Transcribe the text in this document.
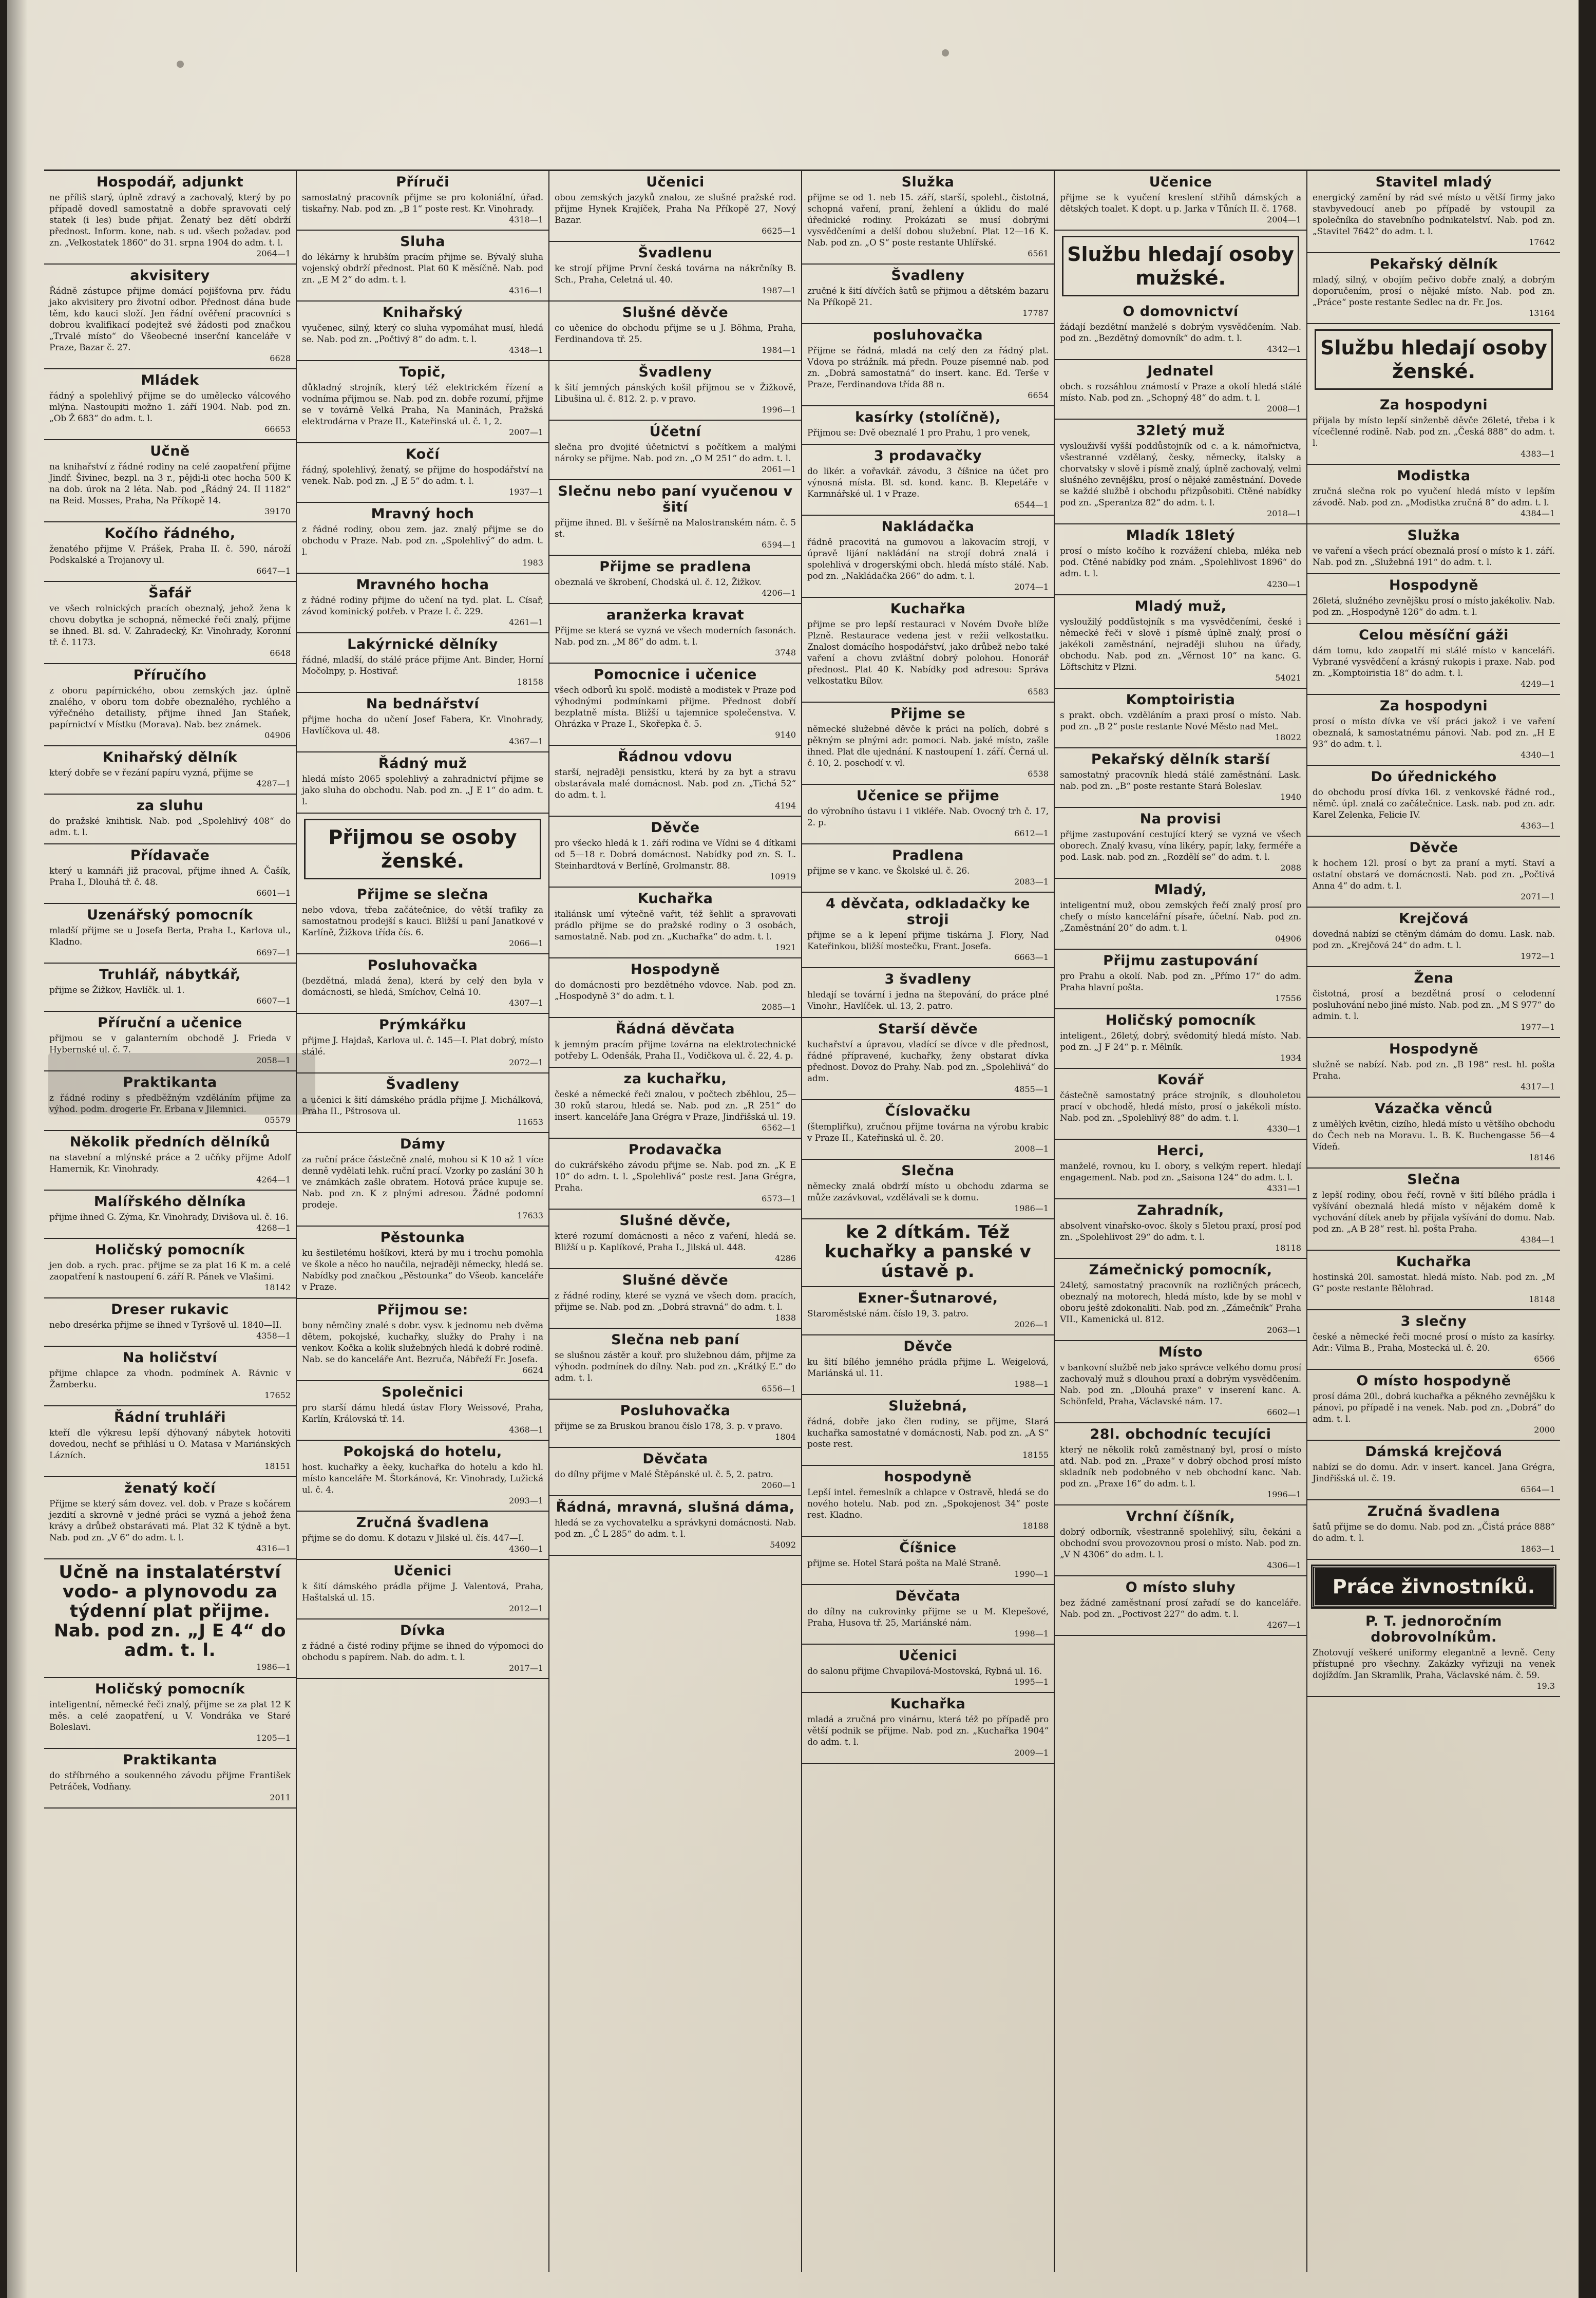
Hospodář, adjunkt

ne příliš starý, úplně zdravý a zachovalý, který by po případě dovedl samostatně a dobře spravovati celý statek (i les) bude přijat. Ženatý bez dětí obdrží přednost. Inform. kone, nab. s ud. všech požadav. pod zn. „Velkostatek 1860“ do 31. srpna 1904 do adm. t. l.

2064—1
akvisitery

Řádně zástupce přijme domácí pojišťovna prv. řádu jako akvisitery pro životní odbor. Přednost dána bude těm, kdo kauci složí. Jen řádní ověření pracovníci s dobrou kvalifikací podejtež své žádosti pod značkou „Trvalé místo“ do Všeobecné inserční kanceláře v Praze, Bazar č. 27.

6628
Mládek

řádný a spolehlivý přijme se do umělecko válcového mlýna. Nastoupiti možno 1. září 1904. Nab. pod zn. „Ob Ž 683“ do adm. t. l.

66653
Učně

na knihařství z řádné rodiny na celé zaopatření přijme Jindř. Šivinec, bezpl. na 3 r., pějdi-li otec hocha 500 K na dob. úrok na 2 léta. Nab. pod „Řádný 24. II 1182“ na Reid. Mosses, Praha, Na Příkopě 14.

39170
Kočího řádného,

ženatého přijme V. Prášek, Praha II. č. 590, nároží Podskalské a Trojanovy ul.

6647—1
Šafář

ve všech rolnických pracích obeznalý, jehož žena k chovu dobytka je schopná, německé řeči znalý, přijme se ihned. Bl. sd. V. Zahradecký, Kr. Vinohrady, Koronní tř. č. 1173.

6648
Příručího

z oboru papírnického, obou zemských jaz. úplně znalého, v oboru tom dobře obeznalého, rychlého a výřečného detailisty, přijme ihned Jan Staňek, papírnictví v Místku (Morava). Nab. bez známek.

04906
Knihařský dělník

který dobře se v řezání papíru vyzná, přijme se

4287—1
za sluhu

do pražské knihtisk. Nab. pod „Spolehlivý 408“ do adm. t. l.

Přídavače

který u kamnáři již pracoval, přijme ihned A. Čašík, Praha I., Dlouhá tř. č. 48.

6601—1
Uzenářský pomocník

mladší přijme se u Josefa Berta, Praha I., Karlova ul., Kladno.

6697—1
Truhlář, nábytkář,

přijme se Žižkov, Havlíčk. ul. 1.

6607—1
Příruční a učenice

přijmou se v galanterním obchodě J. Frieda v Hybernské ul. č. 7.

2058—1
Praktikanta

z řádné rodiny s předběžným vzděláním přijme za výhod. podm. drogerie Fr. Erbana v Jilemnici.

05579
Několik předních dělníků

na stavební a mlýnské práce a 2 učňky přijme Adolf Hamernik, Kr. Vinohrady.

4264—1
Malířského dělníka

přijme ihned G. Zýma, Kr. Vinohrady, Divišova ul. č. 16.

4268—1
Holičský pomocník

jen dob. a rych. prac. přijme se za plat 16 K m. a celé zaopatření k nastoupení 6. září R. Pánek ve Vlašimi.

18142
Dreser rukavic

nebo dresérka přijme se ihned v Tyršově ul. 1840—II.

4358—1
Na holičství

přijme chlapce za vhodn. podmínek A. Rávnic v Žamberku.

17652
Řádní truhláři

kteří dle výkresu lepší dýhovaný nábytek hotoviti dovedou, nechť se přihlásí u O. Matasa v Mariánských Lázních.

18151
ženatý kočí

Přijme se který sám dovez. vel. dob. v Praze s kočárem jezdití a skrovně v jedné práci se vyzná a jehož žena krávy a drůbež obstarávati má. Plat 32 K týdně a byt. Nab. pod zn. „V 6“ do adm. t. l.

4316—1
Učně na instalatérství vodo- a plynovodu za týdenní plat přijme. Nab. pod zn. „J E 4“ do adm. t. l.
1986—1
Holičský pomocník

inteligentní, německé řeči znalý, přijme se za plat 12 K měs. a celé zaopatření, u V. Vondráka ve Staré Boleslavi.

1205—1
Praktikanta

do stříbrného a soukenného závodu přijme František Petráček, Vodňany.

2011
Příruči

samostatný pracovník přijme se pro koloniální, úřad. tiskařny. Nab. pod zn. „B 1“ poste rest. Kr. Vinohrady.

4318—1
Sluha

do lékárny k hrubším pracím přijme se. Bývalý sluha vojenský obdrží přednost. Plat 60 K měsíčně. Nab. pod zn. „E M 2“ do adm. t. l.

4316—1
Knihařský

vyučenec, silný, který co sluha vypomáhat musí, hledá se. Nab. pod zn. „Počtivý 8“ do adm. t. l.

4348—1
Topič,

důkladný strojník, který též elektrickém řízení a vodníma přijmou se. Nab. pod zn. dobře rozumí, přijme se v továrně Velká Praha, Na Maninách, Pražská elektrodárna v Praze II., Kateřinská ul. č. 1, 2.

2007—1
Kočí

řádný, spolehlivý, ženatý, se přijme do hospodářství na venek. Nab. pod zn. „J E 5“ do adm. t. l.

1937—1
Mravný hoch

z řádné rodiny, obou zem. jaz. znalý přijme se do obchodu v Praze. Nab. pod zn. „Spolehlivý“ do adm. t. l.

1983
Mravného hocha

z řádné rodiny přijme do učení na tyd. plat. L. Císař, závod kominický potřeb. v Praze I. č. 229.

4261—1
Lakýrnické dělníky

řádné, mladší, do stálé práce přijme Ant. Binder, Horní Močolnpy, p. Hostivař.

18158
Na bednářství

přijme hocha do učení Josef Fabera, Kr. Vinohrady, Havlíčkova ul. 48.

4367—1
Řádný muž

hledá místo 2065 spolehlivý a zahradnictví přijme se jako sluha do obchodu. Nab. pod zn. „J E 1“ do adm. t. l.

Přijmou se osoby ženské.
Přijme se slečna

nebo vdova, třeba začátečnice, do větší trafiky za samostatnou prodejší s kauci. Bližší u paní Janatkové v Karlíně, Žižkova třída čís. 6.

2066—1
Posluhovačka

(bezdětná, mladá žena), která by celý den byla v domácnosti, se hledá, Smíchov, Celná 10.

4307—1
Prýmkářku

přijme J. Hajdaš, Karlova ul. č. 145—I. Plat dobrý, místo stálé.

2072—1
Švadleny

a učenici k šití dámského prádla přijme J. Michálková, Praha II., Pštrosova ul.

11653
Dámy

za ruční práce částečně znalé, mohou si K 10 až 1 více denně vydělati lehk. ruční prací. Vzorky po zaslání 30 h ve známkách zašle obratem. Hotová práce kupuje se. Nab. pod zn. K z plnými adresou. Žádné podomní prodeje.

17633
Pěstounka

ku šestiletému hošíkovi, která by mu i trochu pomohla ve škole a něco ho naučila, nejraději německy, hledá se. Nabídky pod značkou „Pěstounka“ do Všeob. kanceláře v Praze.

Přijmou se:

bony němčiny znalé s dobr. vysv. k jednomu neb dvěma dětem, pokojské, kuchařky, služky do Prahy i na venkov. Kočka a kolik služebných hledá k dobré rodině. Nab. se do kanceláře Ant. Bezruča, Nábřeží Fr. Josefa.

6624
Společnici

pro starší dámu hledá ústav Flory Weissové, Praha, Karlín, Královská tř. 14.

4368—1
Pokojská do hotelu,

host. kuchařky a ěeky, kuchařka do hotelu a kdo hl. místo kanceláře M. Štorkánová, Kr. Vinohrady, Lužická ul. č. 4.

2093—1
Zručná švadlena

přijme se do domu. K dotazu v Jilské ul. čís. 447—I.

4360—1
Učenici

k šití dámského prádla přijme J. Valentová, Praha, Haštalská ul. 15.

2012—1
Dívka

z řádné a čisté rodiny přijme se ihned do výpomoci do obchodu s papírem. Nab. do adm. t. l.

2017—1
Učenici

obou zemských jazyků znalou, ze slušné pražské rod. přijme Hynek Krajíček, Praha Na Příkopě 27, Nový Bazar.

6625—1
Švadlenu

ke strojí přijme První česká továrna na nákrčníky B. Sch., Praha, Celetná ul. 40.

1987—1
Slušné děvče

co učenice do obchodu přijme se u J. Böhma, Praha, Ferdinandova tř. 25.

1984—1
Švadleny

k šití jemných pánských košil přijmou se v Žižkově, Libušina ul. č. 812. 2. p. v pravo.

1996—1
Účetní

slečna pro dvojité účetnictví s počítkem a malými nároky se přijme. Nab. pod zn. „O M 251“ do adm. t. l.

2061—1
Slečnu nebo paní vyučenou v šití

přijme ihned. Bl. v šešírně na Malostranském nám. č. 5 st.

6594—1
Přijme se pradlena

obeznalá ve škrobení, Chodská ul. č. 12, Žižkov.

4206—1
aranžerka kravat

Přijme se která se vyzná ve všech moderních fasonách. Nab. pod zn. „M 86“ do adm. t. l.

3748
Pomocnice i učenice

všech odborů ku spolč. modistě a modistek v Praze pod výhodnými podmínkami přijme. Přednost dobří bezplatně místa. Bližší u tajemnice společenstva. V. Ohrázka v Praze I., Skořepka č. 5.

9140
Řádnou vdovu

starší, nejraději pensistku, která by za byt a stravu obstarávala malé domácnost. Nab. pod zn. „Tichá 52“ do adm. t. l.

4194
Děvče

pro všecko hledá k 1. září rodina ve Vídni se 4 dítkami od 5—18 r. Dobrá domácnost. Nabídky pod zn. S. L. Steinhardtová v Berlíně, Grolmanstr. 88.

10919
Kuchařka

italiánsk umí výtečně vařit, též šehlit a spravovati prádlo přijme se do pražské rodiny o 3 osobách, samostatně. Nab. pod zn. „Kuchařka“ do adm. t. l.

1921
Hospodyně

do domácnosti pro bezdětného vdovce. Nab. pod zn. „Hospodyně 3“ do adm. t. l.

2085—1
Řádná děvčata

k jemným pracím přijme továrna na elektrotechnické potřeby L. Odenšák, Praha II., Vodičkova ul. č. 22, 4. p.

za kuchařku,

české a německé řeči znalou, v počtech zběhlou, 25—30 roků starou, hledá se. Nab. pod zn. „R 251“ do insert. kanceláře Jana Grégra v Praze, Jindřišská ul. 19.

6562—1
Prodavačka

do cukrářského závodu přijme se. Nab. pod zn. „K E 10“ do adm. t. l. „Spolehlivá“ poste rest. Jana Grégra, Praha.

6573—1
Slušné děvče,

které rozumí domácnosti a něco z vaření, hledá se. Bližší u p. Kaplíkové, Praha I., Jilská ul. 448.

4286
Slušné děvče

z řádné rodiny, které se vyzná ve všech dom. pracích, přijme se. Nab. pod zn. „Dobrá stravná“ do adm. t. l.

1838
Slečna neb paní

se slušnou zástěr a kouř. pro služebnou dám, přijme za výhodn. podmínek do dílny. Nab. pod zn. „Krátký E.“ do adm. t. l.

6556—1
Posluhovačka

přijme se za Bruskou branou číslo 178, 3. p. v pravo.

1804
Děvčata

do dílny přijme v Malé Štěpánské ul. č. 5, 2. patro.

2060—1
Řádná, mravná, slušná dáma,

hledá se za vychovatelku a správkyni domácnosti. Nab. pod zn. „Č L 285“ do adm. t. l.

54092
Služka

přijme se od 1. neb 15. září, starší, spolehl., čistotná, schopná vaření, praní, žehlení a úklidu do malé úřednické rodiny. Prokázati se musí dobrými vysvědčeními a delší dobou služební. Plat 12—16 K. Nab. pod zn. „O S“ poste restante Uhlířské.

6561
Švadleny

zručné k šití dívčích šatů se přijmou a dětském bazaru Na Příkopě 21.

17787
posluhovačka

Přijme se řádná, mladá na celý den za řádný plat. Vdova po strážník. má předn. Pouze písemné nab. pod zn. „Dobrá samostatná“ do insert. kanc. Ed. Terše v Praze, Ferdinandova třída 88 n.

6654
kasírky (stolíčně),

Přijmou se: Dvě obeznalé 1 pro Prahu, 1 pro venek,

3 prodavačky

do likér. a vořavkář. závodu, 3 číšnice na účet pro výnosná místa. Bl. sd. kond. kanc. B. Klepetáře v Karmnářské ul. 1 v Praze.

6544—1
Nakládačka

řádně pracovitá na gumovou a lakovacím strojí, v úpravě lijání nakládání na strojí dobrá znalá i spolehlivá v drogerskými obch. hledá místo stálé. Nab. pod zn. „Nakládačka 266“ do adm. t. l.

2074—1
Kuchařka

přijme se pro lepší restauraci v Novém Dvoře blíže Plzně. Restaurace vedena jest v režii velkostatku. Znalost domácího hospodářství, jako drůbež nebo také vaření a chovu zvláštní dobrý polohou. Honorář přednost. Plat 40 K. Nabídky pod adresou: Správa velkostatku Bílov.

6583
Přijme se

německé služebné děvče k práci na polích, dobré s pěkným se plnými adr. pomoci. Nab. jaké místo, zašle ihned. Plat dle ujednání. K nastoupení 1. září. Černá ul. č. 10, 2. poschodí v. vl.

6538
Učenice se přijme

do výrobního ústavu i 1 vikléře. Nab. Ovocný trh č. 17, 2. p.

6612—1
Pradlena

přijme se v kanc. ve Školské ul. č. 26.

2083—1
4 děvčata, odkladačky ke stroji

přijme se a k lepení přijme tiskárna J. Flory, Nad Kateřinkou, bližší mostečku, Frant. Josefa.

6663—1
3 švadleny

hledají se tovární i jedna na štepování, do práce plné Vinohr., Havlíček. ul. 13, 2. patro.

Starší děvče

kuchařství a úpravou, vladící se dívce v dle přednost, řádné přípravené, kuchařky, ženy obstarat dívka přednost. Dovoz do Prahy. Nab. pod zn. „Spolehlivá“ do adm.

4855—1
Číslovačku

(štempliřku), zručnou přijme továrna na výrobu krabic v Praze II., Kateřinská ul. č. 20.

2008—1
Slečna

německy znalá obdrží místo u obchodu zdarma se může zazávkovat, vzdělávali se k domu.

1986—1
ke 2 dítkám. Též kuchařky a panské v ústavě p.
Exner-Šutnarové,

Staroměstské nám. číslo 19, 3. patro.

2026—1
Děvče

ku šití bílého jemného prádla přijme L. Weigelová, Mariánská ul. 11.

1988—1
Služebná,

řádná, dobře jako člen rodiny, se přijme, Stará kuchařka samostatné v domácnosti, Nab. pod zn. „A S“ poste rest.

18155
hospodyně

Lepší intel. řemeslník a chlapce v Ostravě, hledá se do nového hotelu. Nab. pod zn. „Spokojenost 34“ poste rest. Kladno.

18188
Číšnice

přijme se. Hotel Stará pošta na Malé Straně.

1990—1
Děvčata

do dílny na cukrovinky přijme se u M. Klepešové, Praha, Husova tř. 25, Mariánské nám.

1998—1
Učenici

do salonu přijme Chvapilová-Mostovská, Rybná ul. 16.

1995—1
Kuchařka

mladá a zručná pro vinárnu, která též po případě pro větší podnik se přijme. Nab. pod zn. „Kuchařka 1904“ do adm. t. l.

2009—1
Učenice

přijme se k vyučení kreslení střihů dámských a dětských toalet. K dopt. u p. Jarka v Tůních II. č. 1768.

2004—1
Službu hledají osoby mužské.
O domovnictví

žádají bezdětní manželé s dobrým vysvědčením. Nab. pod zn. „Bezdětný domovník“ do adm. t. l.

4342—1
Jednatel

obch. s rozsáhlou známostí v Praze a okolí hledá stálé místo. Nab. pod zn. „Schopný 48“ do adm. t. l.

2008—1
32letý muž

vyslouživší vyšší poddůstojník od c. a k. námořnictva, všestranné vzdělaný, česky, německy, italsky a chorvatsky v slově i písmě znalý, úplně zachovalý, velmi slušného zevnějšku, prosí o nějaké zaměstnání. Dovede se každé službě i obchodu přizpůsobiti. Ctěné nabídky pod zn. „Sperantza 82“ do adm. t. l.

2018—1
Mladík 18letý

prosí o místo kočího k rozvážení chleba, mléka neb pod. Ctěné nabídky pod znám. „Spolehlivost 1896“ do adm. t. l.

4230—1
Mladý muž,

vysloužilý poddůstojník s ma vysvědčeními, české i německé řeči v slově i písmě úplně znalý, prosí o jakékoli zaměstnání, nejraději sluhou na úřady, obchodu. Nab. pod zn. „Věrnost 10“ na kanc. G. Löftschitz v Plzni.

54021
Komptoiristia

s prakt. obch. vzděláním a praxi prosí o místo. Nab. pod zn. „B 2“ poste restante Nové Město nad Met.

18022
Pekařský dělník starší

samostatný pracovník hledá stálé zaměstnání. Lask. nab. pod zn. „B“ poste restante Stará Boleslav.

1940
Na provisi

přijme zastupování cestující který se vyzná ve všech oborech. Znalý kvasu, vína likéry, papír, laky, ferméře a pod. Lask. nab. pod zn. „Rozdělí se“ do adm. t. l.

2088
Mladý,

inteligentní muž, obou zemských řečí znalý prosí pro chefy o místo kancelářní písaře, účetní. Nab. pod zn. „Zaměstnání 20“ do adm. t. l.

04906
Přijmu zastupování

pro Prahu a okolí. Nab. pod zn. „Přímo 17“ do adm. Praha hlavní pošta.

17556
Holičský pomocník

inteligent., 26letý, dobrý, svědomitý hledá místo. Nab. pod zn. „J F 24“ p. r. Mělník.

1934
Kovář

částečně samostatný práce strojník, s dlouholetou prací v obchodě, hledá místo, prosí o jakékoli místo. Nab. pod zn. „Spolehlivý 88“ do adm. t. l.

4330—1
Herci,

manželé, rovnou, ku I. obory, s velkým repert. hledají engagement. Nab. pod zn. „Saisona 124“ do adm. t. l.

4331—1
Zahradník,

absolvent vinařsko-ovoc. školy s 5letou praxí, prosí pod zn. „Spolehlivost 29“ do adm. t. l.

18118
Zámečnický pomocník,

24letý, samostatný pracovník na rozličných prácech, obeznalý na motorech, hledá místo, kde by se mohl v oboru ještě zdokonaliti. Nab. pod zn. „Zámečník“ Praha VII., Kamenická ul. 812.

2063—1
Místo

v bankovní službě neb jako správce velkého domu prosí zachovalý muž s dlouhou praxí a dobrým vysvědčením. Nab. pod zn. „Dlouhá praxe“ v inserení kanc. A. Schönfeld, Praha, Václavské nám. 17.

6602—1
28l. obchodníc tecujíci

který ne několik roků zaměstnaný byl, prosí o místo atd. Nab. pod zn. „Praxe“ v dobrý obchod prosí místo skladník neb podobného v neb obchodní kanc. Nab. pod zn. „Praxe 16“ do adm. t. l.

1996—1
Vrchní číšník,

dobrý odborník, všestranně spolehlivý, sílu, čekáni a obchodní svou provozovnou prosí o místo. Nab. pod zn. „V N 4306“ do adm. t. l.

4306—1
O místo sluhy

bez žádné zaměstnaní prosí zařadí se do kanceláře. Nab. pod zn. „Poctivost 227“ do adm. t. l.

4267—1
Stavitel mladý

energický zamění by rád své místo u větší firmy jako stavbyvedoucí aneb po případě by vstoupil za společníka do stavebního podnikatelství. Nab. pod zn. „Stavitel 7642“ do adm. t. l.

17642
Pekařský dělník

mladý, silný, v obojím pečivo dobře znalý, a dobrým doporučením, prosí o nějaké místo. Nab. pod zn. „Práce“ poste restante Sedlec na dr. Fr. Jos.

13164
Službu hledají osoby ženské.
Za hospodyni

přijala by místo lepší sinženbě děvče 26leté, třeba i k vícečlenné rodině. Nab. pod zn. „Česká 888“ do adm. t. l.

4383—1
Modistka

zručná slečna rok po vyučení hledá místo v lepším závodě. Nab. pod zn. „Modistka zručná 8“ do adm. t. l.

4384—1
Služka

ve vaření a všech prácí obeznalá prosí o místo k 1. září. Nab. pod zn. „Služebná 191“ do adm. t. l.

Hospodyně

26letá, služného zevnějšku prosí o místo jakékoliv. Nab. pod zn. „Hospodyně 126“ do adm. t. l.

Celou měsíční gáži

dám tomu, kdo zaopatří mi stálé místo v kanceláři. Vybrané vysvědčení a krásný rukopis i praxe. Nab. pod zn. „Komptoiristia 18“ do adm. t. l.

4249—1
Za hospodyni

prosí o místo dívka ve vší práci jakož i ve vaření obeznalá, k samostatnému pánovi. Nab. pod zn. „H E 93“ do adm. t. l.

4340—1
Do úřednického

do obchodu prosí dívka 16l. z venkovské řádné rod., němč. úpl. znalá co začátečnice. Lask. nab. pod zn. adr. Karel Zelenka, Felicie IV.

4363—1
Děvče

k hochem 12l. prosí o byt za praní a mytí. Staví a ostatní obstará ve domácnosti. Nab. pod zn. „Počtivá Anna 4“ do adm. t. l.

2071—1
Krejčová

dovedná nabízí se ctěným dámám do domu. Lask. nab. pod zn. „Krejčová 24“ do adm. t. l.

1972—1
Žena

čistotná, prosí a bezdětná prosí o celodenní posluhování nebo jiné místo. Nab. pod zn. „M S 977“ do admin. t. l.

1977—1
Hospodyně

služně se nabízí. Nab. pod zn. „B 198“ rest. hl. pošta Praha.

4317—1
Vázačka věnců

z umělých květin, cizího, hledá místo u většího obchodu do Čech neb na Moravu. L. B. K. Buchengasse 56—4 Vídeň.

18146
Slečna

z lepší rodiny, obou řečí, rovně v šití bílého prádla i vyšívání obeznalá hledá místo v nějakém domě k vychování dítek aneb by přijala vyšívání do domu. Nab. pod zn. „A B 28“ rest. hl. pošta Praha.

4384—1
Kuchařka

hostinská 20l. samostat. hledá místo. Nab. pod zn. „M G“ poste restante Bělohrad.

18148
3 slečny

české a německé řeči mocné prosí o místo za kasírky. Adr.: Vilma B., Praha, Mostecká ul. č. 20.

6566
O místo hospodyně

prosí dáma 20l., dobrá kuchařka a pěkného zevnějšku k pánovi, po případě i na venek. Nab. pod zn. „Dobrá“ do adm. t. l.

2000
Dámská krejčová

nabízí se do domu. Adr. v insert. kancel. Jana Grégra, Jindřišská ul. č. 19.

6564—1
Zručná švadlena

šatů přijme se do domu. Nab. pod zn. „Čistá práce 888“ do adm. t. l.

1863—1
Práce živnostníků.
P. T. jednoročním dobrovolníkům.

Zhotovují veškeré uniformy elegantně a levně. Ceny přístupné pro všechny. Zakázky vyřizuji na venek dojíždím. Jan Skramlik, Praha, Václavské nám. č. 59.

19.3
